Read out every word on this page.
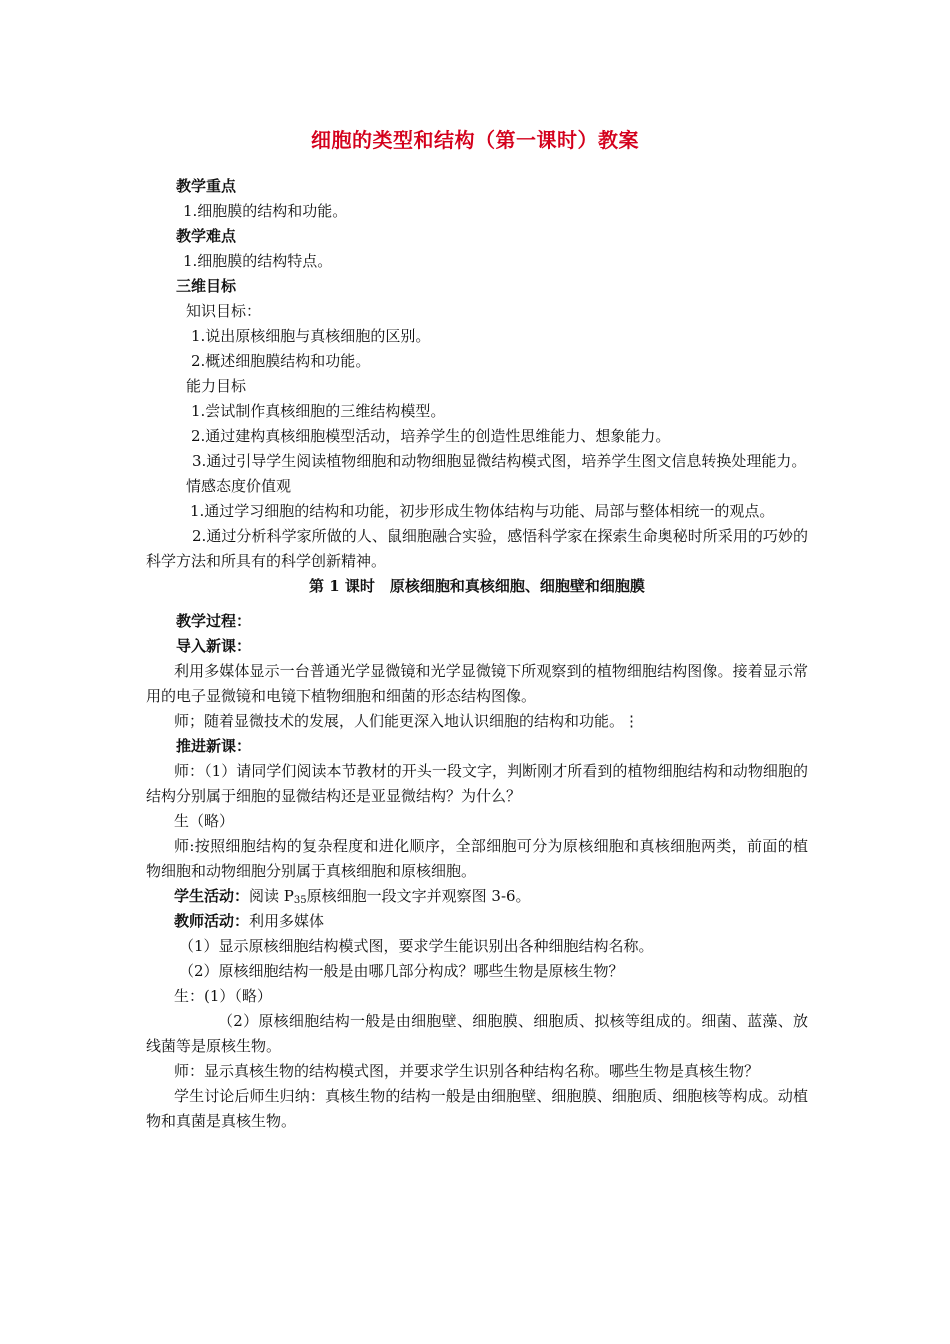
细胞的类型和结构（第一课时）教案
教学重点
1.细胞膜的结构和功能。
教学难点
1.细胞膜的结构特点。
三维目标
知识目标：
1.说出原核细胞与真核细胞的区别。
2.概述细胞膜结构和功能。
能力目标
1.尝试制作真核细胞的三维结构模型。
2.通过建构真核细胞模型活动，培养学生的创造性思维能力、想象能力。
3.通过引导学生阅读植物细胞和动物细胞显微结构模式图，培养学生图文信息转换处理能力。
情感态度价值观
1.通过学习细胞的结构和功能，初步形成生物体结构与功能、局部与整体相统一的观点。
2.通过分析科学家所做的人、鼠细胞融合实验，感悟科学家在探索生命奥秘时所采用的巧妙的科学方法和所具有的科学创新精神。
第 1 课时　原核细胞和真核细胞、细胞壁和细胞膜
教学过程：
导入新课：
利用多媒体显示一台普通光学显微镜和光学显微镜下所观察到的植物细胞结构图像。接着显示常用的电子显微镜和电镜下植物细胞和细菌的形态结构图像。
师；随着显微技术的发展，人们能更深入地认识细胞的结构和功能。⋮
推进新课：
师：（1）请同学们阅读本节教材的开头一段文字，判断刚才所看到的植物细胞结构和动物细胞的结构分别属于细胞的显微结构还是亚显微结构？为什么？
生（略）
师:按照细胞结构的复杂程度和进化顺序，全部细胞可分为原核细胞和真核细胞两类，前面的植物细胞和动物细胞分别属于真核细胞和原核细胞。
学生活动：阅读 $P_{35}$原核细胞一段文字并观察图 3-6。
教师活动：利用多媒体
（1）显示原核细胞结构模式图，要求学生能识别出各种细胞结构名称。
（2）原核细胞结构一般是由哪几部分构成？哪些生物是原核生物？
生：(1）（略）
（2）原核细胞结构一般是由细胞壁、细胞膜、细胞质、拟核等组成的。细菌、蓝藻、放线菌等是原核生物。
师：显示真核生物的结构模式图，并要求学生识别各种结构名称。哪些生物是真核生物？
学生讨论后师生归纳：真核生物的结构一般是由细胞壁、细胞膜、细胞质、细胞核等构成。动植物和真菌是真核生物。
